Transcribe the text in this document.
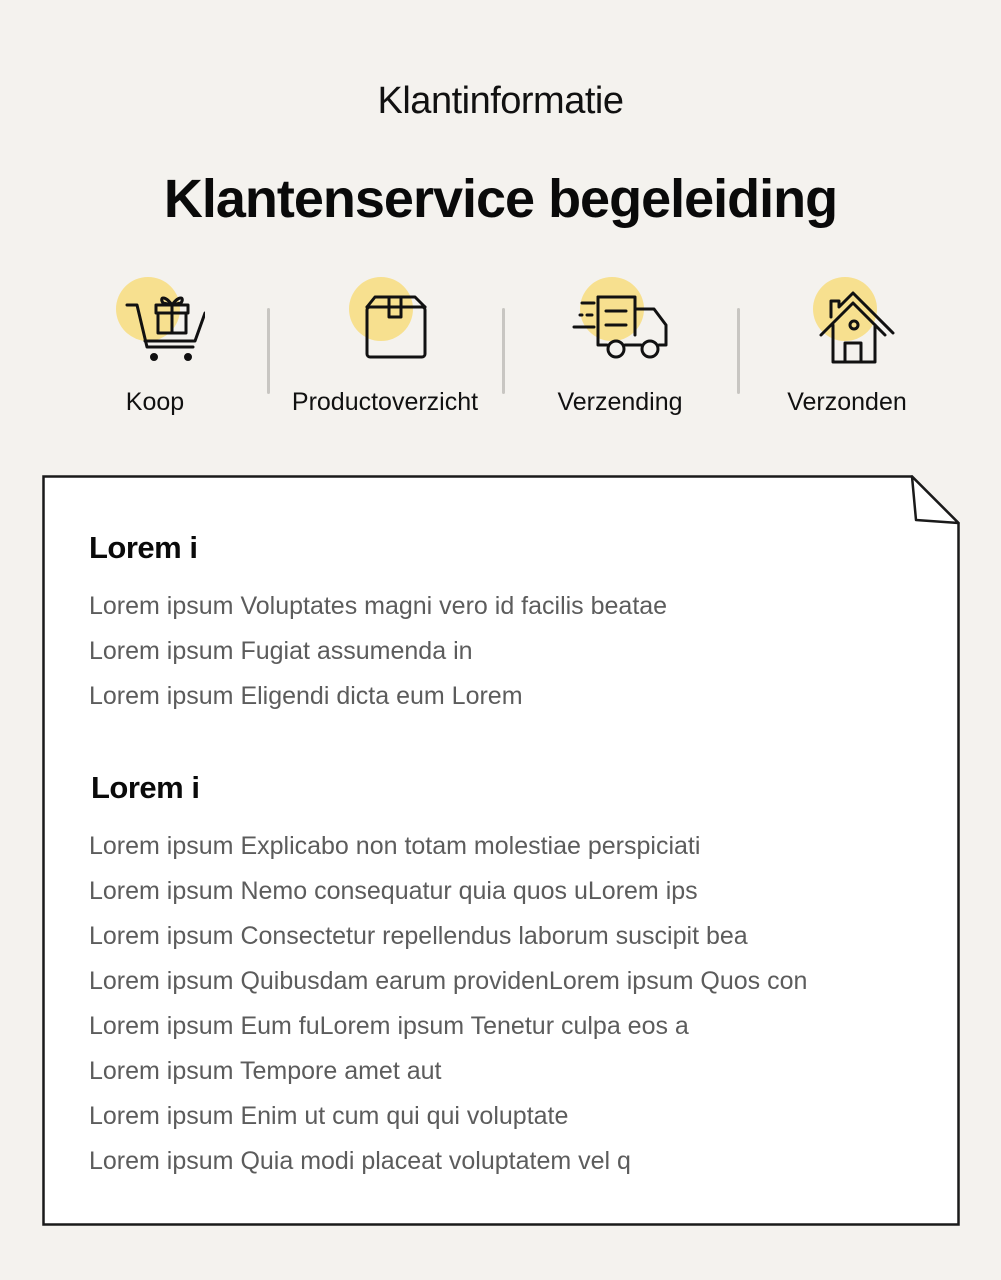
Klantinformatie
Klantenservice begeleiding
Koop	Productoverzicht	Verzending	Verzonden
Lorem i
Lorem ipsum Voluptates magni vero id facilis beatae
Lorem ipsum Fugiat assumenda in
Lorem ipsum Eligendi dicta eum Lorem
Lorem i
Lorem ipsum Explicabo non totam molestiae perspiciati
Lorem ipsum Nemo consequatur quia quos uLorem ips
Lorem ipsum Consectetur repellendus laborum suscipit bea
Lorem ipsum Quibusdam earum providenLorem ipsum Quos con
Lorem ipsum Eum fuLorem ipsum Tenetur culpa eos a
Lorem ipsum Tempore amet aut
Lorem ipsum Enim ut cum qui qui voluptate
Lorem ipsum Quia modi placeat voluptatem vel q
